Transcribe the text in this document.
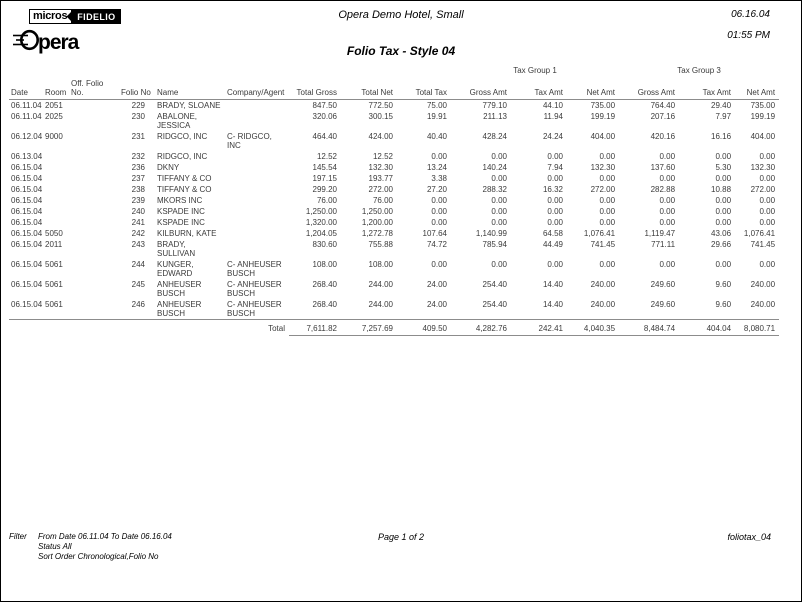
micros	FIDELIO
pera
Opera Demo Hotel, Small	06.16.04
01:55 PM
Folio Tax - Style 04
									Tax Group 1			Tax Group 3		
Date	Room	Off. Folio No.	Folio No	Name	Company/Agent	Total Gross	Total Net	Total Tax	Gross Amt	Tax Amt	Net Amt	Gross Amt	Tax Amt	Net Amt
06.11.04	2051		229	BRADY, SLOANE		847.50	772.50	75.00	779.10	44.10	735.00	764.40	29.40	735.00
06.11.04	2025		230	ABALONE, JESSICA		320.06	300.15	19.91	211.13	11.94	199.19	207.16	7.97	199.19
06.12.04	9000		231	RIDGCO, INC	C- RIDGCO, INC	464.40	424.00	40.40	428.24	24.24	404.00	420.16	16.16	404.00
06.13.04			232	RIDGCO, INC		12.52	12.52	0.00	0.00	0.00	0.00	0.00	0.00	0.00
06.15.04			236	DKNY		145.54	132.30	13.24	140.24	7.94	132.30	137.60	5.30	132.30
06.15.04			237	TIFFANY & CO		197.15	193.77	3.38	0.00	0.00	0.00	0.00	0.00	0.00
06.15.04			238	TIFFANY & CO		299.20	272.00	27.20	288.32	16.32	272.00	282.88	10.88	272.00
06.15.04			239	MKORS INC		76.00	76.00	0.00	0.00	0.00	0.00	0.00	0.00	0.00
06.15.04			240	KSPADE INC		1,250.00	1,250.00	0.00	0.00	0.00	0.00	0.00	0.00	0.00
06.15.04			241	KSPADE INC		1,320.00	1,200.00	0.00	0.00	0.00	0.00	0.00	0.00	0.00
06.15.04	5050		242	KILBURN, KATE		1,204.05	1,272.78	107.64	1,140.99	64.58	1,076.41	1,119.47	43.06	1,076.41
06.15.04	2011		243	BRADY, SULLIVAN		830.60	755.88	74.72	785.94	44.49	741.45	771.11	29.66	741.45
06.15.04	5061		244	KUNGER, EDWARD	C- ANHEUSER BUSCH	108.00	108.00	0.00	0.00	0.00	0.00	0.00	0.00	0.00
06.15.04	5061		245	ANHEUSER BUSCH	C- ANHEUSER BUSCH	268.40	244.00	24.00	254.40	14.40	240.00	249.60	9.60	240.00
06.15.04	5061		246	ANHEUSER BUSCH	C- ANHEUSER BUSCH	268.40	244.00	24.00	254.40	14.40	240.00	249.60	9.60	240.00
					Total	7,611.82	7,257.69	409.50	4,282.76	242.41	4,040.35	8,484.74	404.04	8,080.71
Filter From Date 06.11.04 To Date 06.16.04
Status All
Sort Order Chronological,Folio No
Page 1 of 2	foliotax_04
